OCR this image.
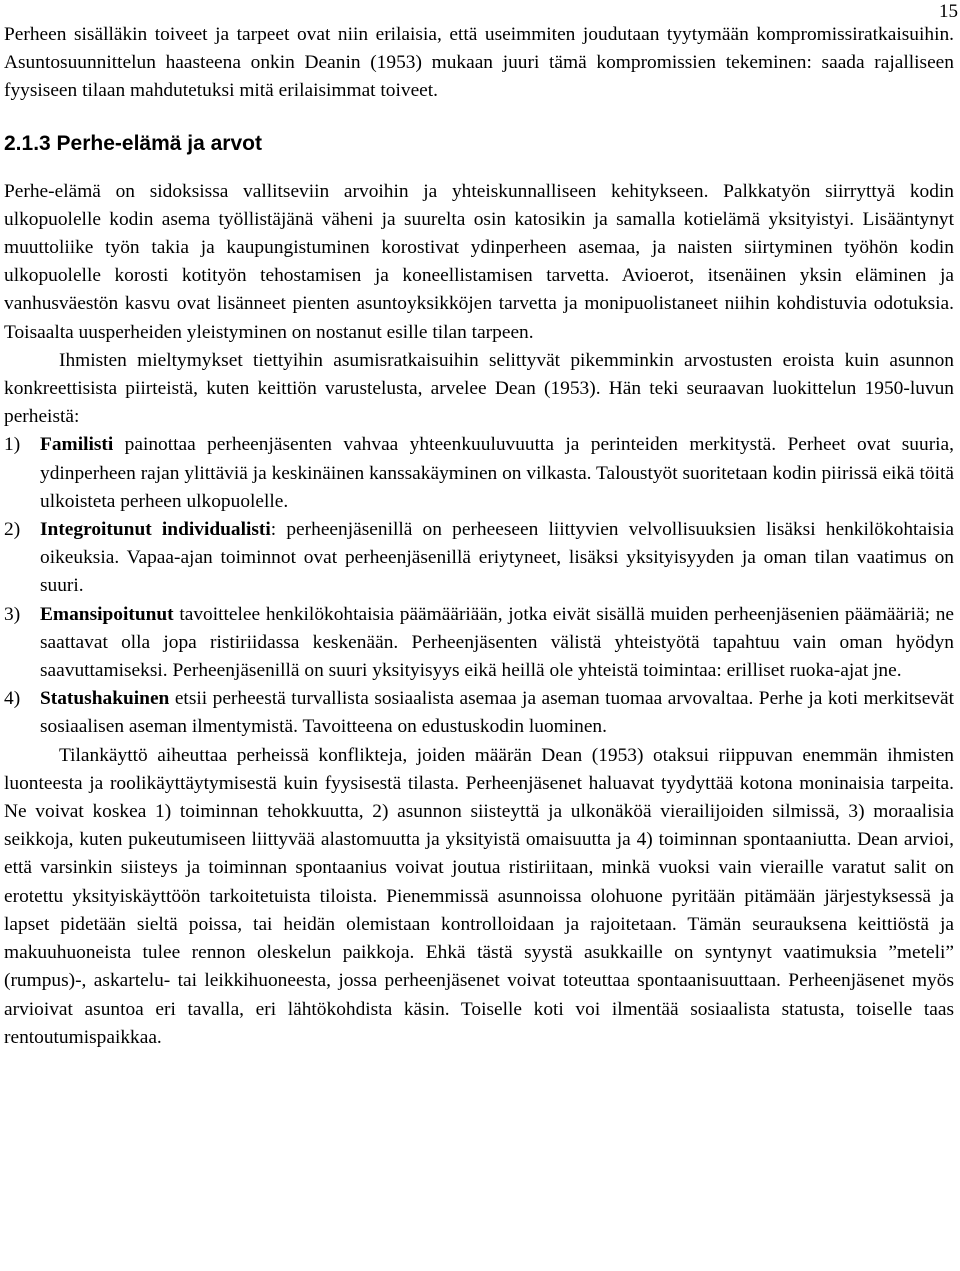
15

Perheen sisälläkin toiveet ja tarpeet ovat niin erilaisia, että useimmiten joudutaan tyytymään kompromissiratkaisuihin. Asuntosuunnittelun haasteena onkin Deanin (1953) mukaan juuri tämä kompromissien tekeminen: saada rajalliseen fyysiseen tilaan mahdutetuksi mitä erilaisimmat toiveet.

2.1.3 Perhe-elämä ja arvot

Perhe-elämä on sidoksissa vallitseviin arvoihin ja yhteiskunnalliseen kehitykseen. Palkkatyön siirryttyä kodin ulkopuolelle kodin asema työllistäjänä väheni ja suurelta osin katosikin ja samalla kotielämä yksityistyi. Lisääntynyt muuttoliike työn takia ja kaupungistuminen korostivat ydinperheen asemaa, ja naisten siirtyminen työhön kodin ulkopuolelle korosti kotityön tehostamisen ja koneellistamisen tarvetta. Avioerot, itsenäinen yksin eläminen ja vanhusväestön kasvu ovat lisänneet pienten asuntoyksikköjen tarvetta ja monipuolistaneet niihin kohdistuvia odotuksia. Toisaalta uusperheiden yleistyminen on nostanut esille tilan tarpeen.

Ihmisten mieltymykset tiettyihin asumisratkaisuihin selittyvät pikemminkin arvostusten eroista kuin asunnon konkreettisista piirteistä, kuten keittiön varustelusta, arvelee Dean (1953). Hän teki seuraavan luokittelun 1950-luvun perheistä:

1) Familisti painottaa perheenjäsenten vahvaa yhteenkuuluvuutta ja perinteiden merkitystä. Perheet ovat suuria, ydinperheen rajan ylittäviä ja keskinäinen kanssakäyminen on vilkasta. Taloustyöt suoritetaan kodin piirissä eikä töitä ulkoisteta perheen ulkopuolelle.
2) Integroitunut individualisti: perheenjäsenillä on perheeseen liittyvien velvollisuuksien lisäksi henkilökohtaisia oikeuksia. Vapaa-ajan toiminnot ovat perheenjäsenillä eriytyneet, lisäksi yksityisyyden ja oman tilan vaatimus on suuri.
3) Emansipoitunut tavoittelee henkilökohtaisia päämääriään, jotka eivät sisällä muiden perheenjäsenien päämääriä; ne saattavat olla jopa ristiriidassa keskenään. Perheenjäsenten välistä yhteistyötä tapahtuu vain oman hyödyn saavuttamiseksi. Perheenjäsenillä on suuri yksityisyys eikä heillä ole yhteistä toimintaa: erilliset ruoka-ajat jne.
4) Statushakuinen etsii perheestä turvallista sosiaalista asemaa ja aseman tuomaa arvovaltaa. Perhe ja koti merkitsevät sosiaalisen aseman ilmentymistä. Tavoitteena on edustuskodin luominen.

Tilankäyttö aiheuttaa perheissä konflikteja, joiden määrän Dean (1953) otaksui riippuvan enemmän ihmisten luonteesta ja roolikäyttäytymisestä kuin fyysisestä tilasta. Perheenjäsenet haluavat tyydyttää kotona moninaisia tarpeita. Ne voivat koskea 1) toiminnan tehokkuutta, 2) asunnon siisteyttä ja ulkonäköä vierailijoiden silmissä, 3) moraalisia seikkoja, kuten pukeutumiseen liittyvää alastomuutta ja yksityistä omaisuutta ja 4) toiminnan spontaaniutta. Dean arvioi, että varsinkin siisteys ja toiminnan spontaanius voivat joutua ristiriitaan, minkä vuoksi vain vieraille varatut salit on erotettu yksityiskäyttöön tarkoitetuista tiloista. Pienemmissä asunnoissa olohuone pyritään pitämään järjestyksessä ja lapset pidetään sieltä poissa, tai heidän olemistaan kontrolloidaan ja rajoitetaan. Tämän seurauksena keittiöstä ja makuuhuoneista tulee rennon oleskelun paikkoja. Ehkä tästä syystä asukkaille on syntynyt vaatimuksia ”meteli” (rumpus)-, askartelu- tai leikkihuoneesta, jossa perheenjäsenet voivat toteuttaa spontaanisuuttaan. Perheenjäsenet myös arvioivat asuntoa eri tavalla, eri lähtökohdista käsin. Toiselle koti voi ilmentää sosiaalista statusta, toiselle taas rentoutumispaikkaa.
